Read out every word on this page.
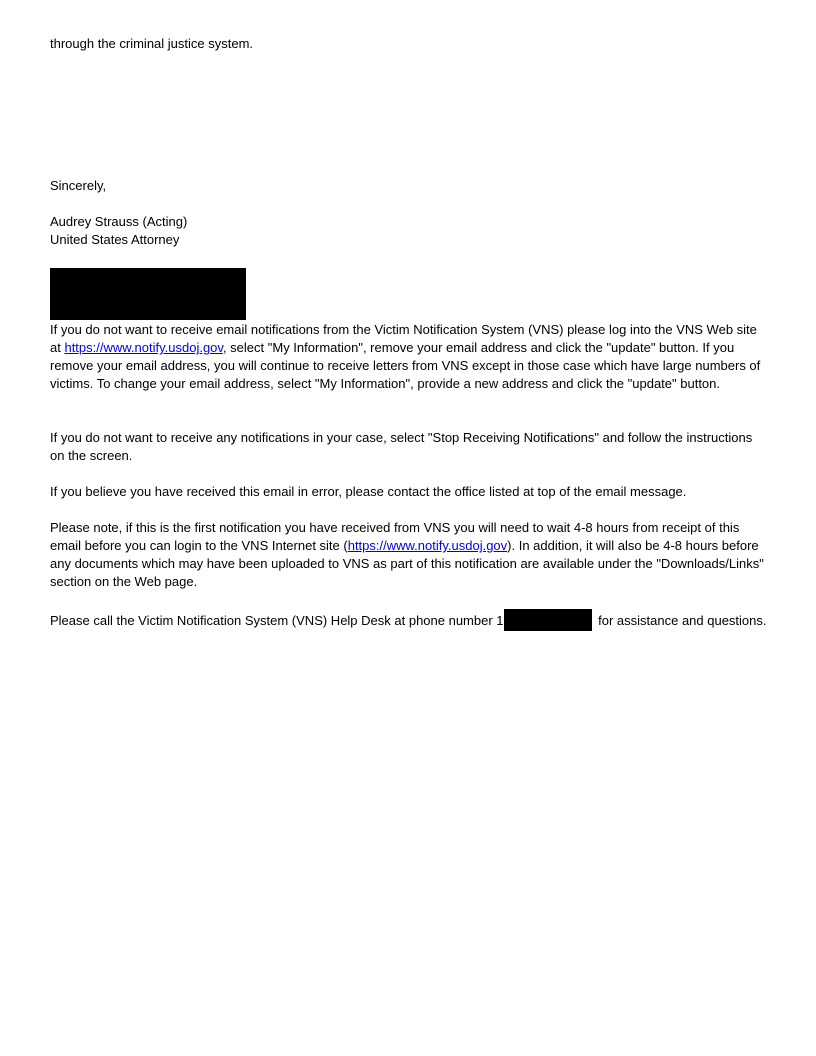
through the criminal justice system.
Sincerely,
Audrey Strauss (Acting)
United States Attorney

If you do not want to receive email notifications from the Victim Notification System (VNS) please log into the VNS Web site at https://www.notify.usdoj.gov, select "My Information", remove your email address and click the "update" button. If you remove your email address, you will continue to receive letters from VNS except in those case which have large numbers of victims. To change your email address, select "My Information", provide a new address and click the "update" button.

If you do not want to receive any notifications in your case, select "Stop Receiving Notifications" and follow the instructions on the screen.

If you believe you have received this email in error, please contact the office listed at top of the email message.

Please note, if this is the first notification you have received from VNS you will need to wait 4-8 hours from receipt of this email before you can login to the VNS Internet site (https://www.notify.usdoj.gov). In addition, it will also be 4-8 hours before any documents which may have been uploaded to VNS as part of this notification are available under the "Downloads/Links" section on the Web page.

Please call the Victim Notification System (VNS) Help Desk at phone number 1	for assistance and questions.
